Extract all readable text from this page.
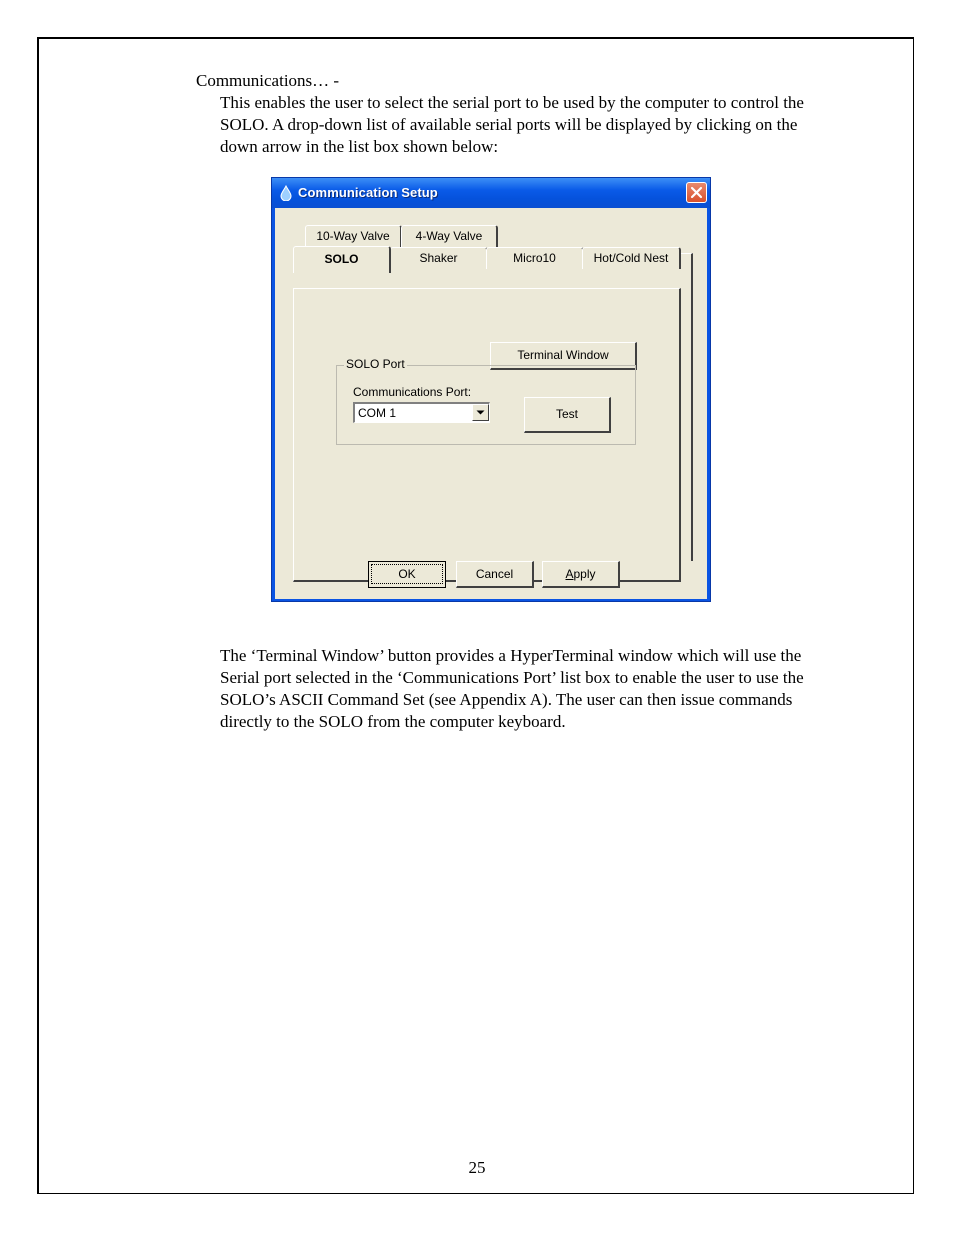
Communications… -
This enables the user to select the serial port to be used by the computer to control the SOLO. A drop-down list of available serial ports will be displayed by clicking on the down arrow in the list box shown below:
Communication Setup
10-Way Valve	4-Way Valve
Shaker	Micro10	Hot/Cold Nest
Terminal Window
SOLO Port
Communications Port:
COM 1	Test
SOLO
OK	Cancel	Apply
The ‘Terminal Window’ button provides a HyperTerminal window which will use the Serial port selected in the ‘Communications Port’ list box to enable the user to use the SOLO’s ASCII Command Set (see Appendix A). The user can then issue commands directly to the SOLO from the computer keyboard.
25
